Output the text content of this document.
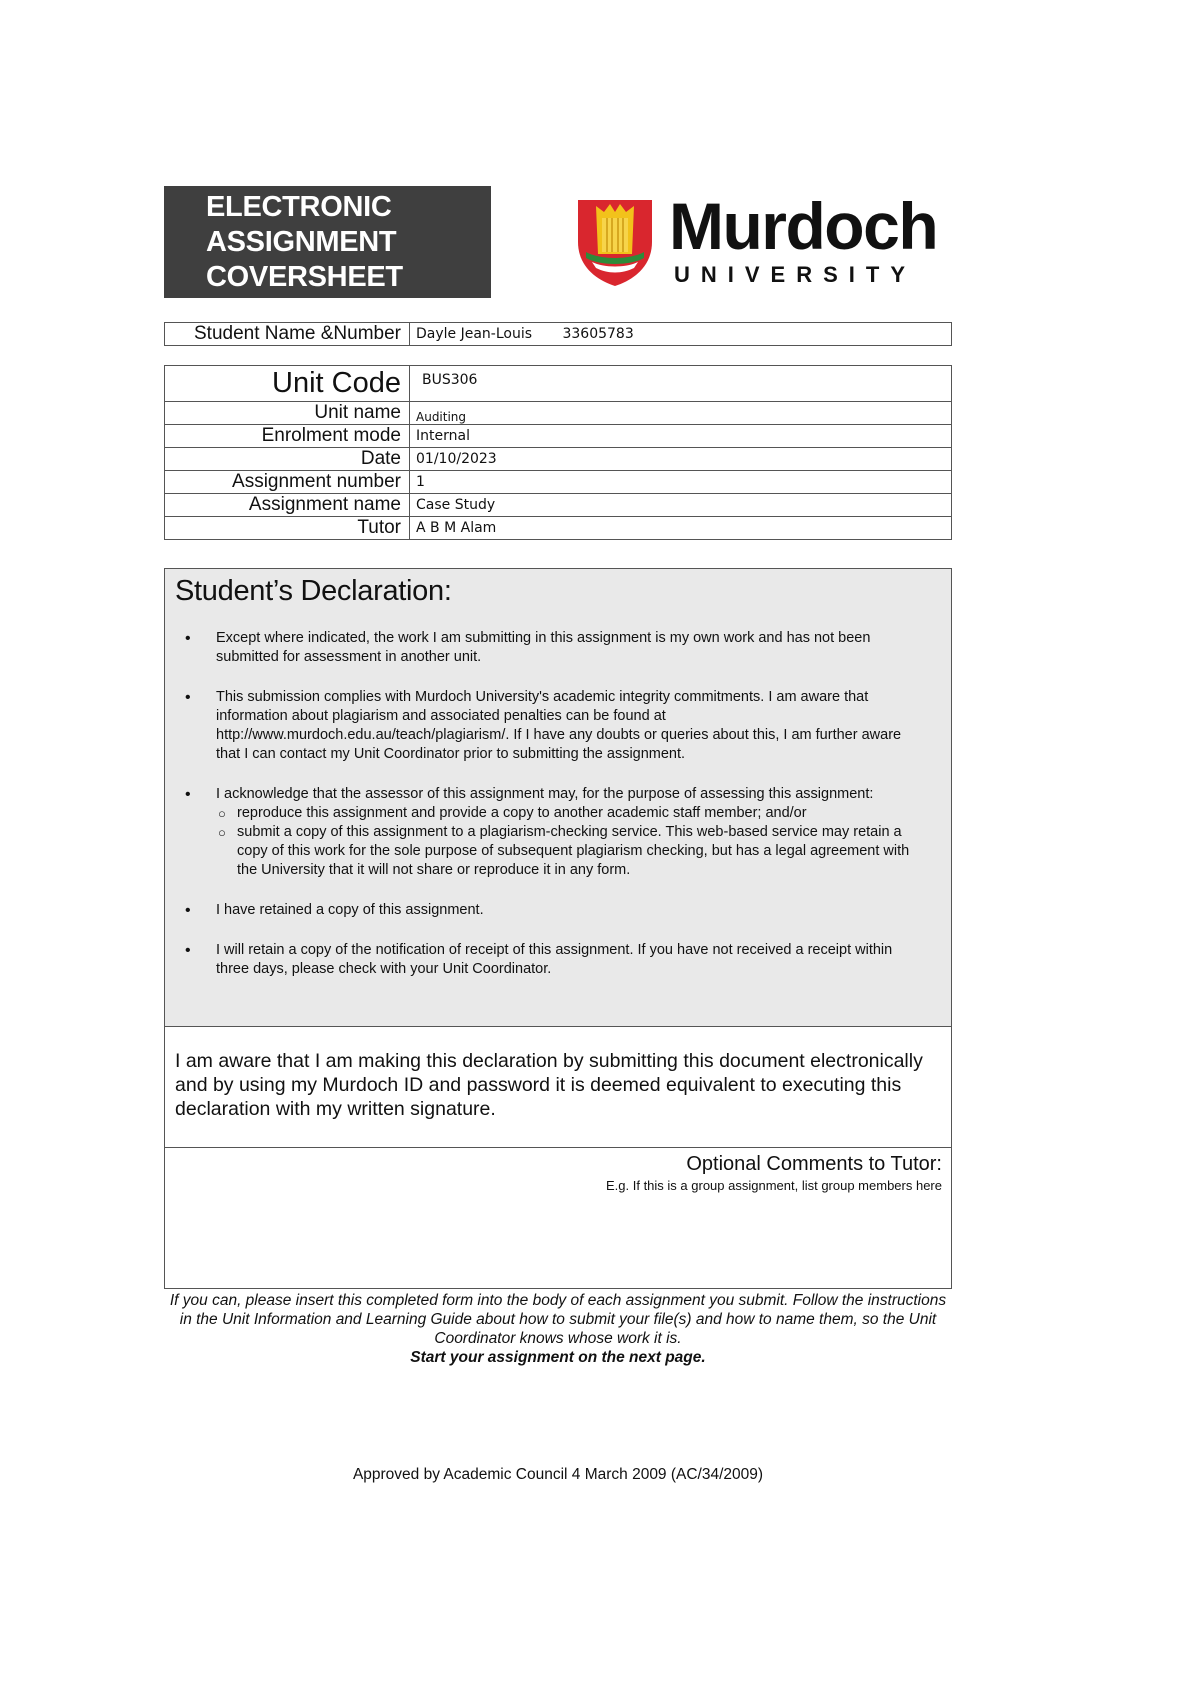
ELECTRONIC
ASSIGNMENT
COVERSHEET
Murdoch
UNIVERSITY
Student Name &Number	Dayle Jean-Louis 33605783
Unit Code	BUS306
Unit name	Auditing
Enrolment mode	Internal
Date	01/10/2023
Assignment number	1
Assignment name	Case Study
Tutor	A B M Alam
Student’s Declaration:
• Except where indicated, the work I am submitting in this assignment is my own work and has not been submitted for assessment in another unit.
• This submission complies with Murdoch University's academic integrity commitments. I am aware that information about plagiarism and associated penalties can be found at http://www.murdoch.edu.au/teach/plagiarism/. If I have any doubts or queries about this, I am further aware that I can contact my Unit Coordinator prior to submitting the assignment.
• I acknowledge that the assessor of this assignment may, for the purpose of assessing this assignment:
○ reproduce this assignment and provide a copy to another academic staff member; and/or
○ submit a copy of this assignment to a plagiarism-checking service. This web-based service may retain a copy of this work for the sole purpose of subsequent plagiarism checking, but has a legal agreement with the University that it will not share or reproduce it in any form.
• I have retained a copy of this assignment.
• I will retain a copy of the notification of receipt of this assignment. If you have not received a receipt within three days, please check with your Unit Coordinator.
I am aware that I am making this declaration by submitting this document electronically and by using my Murdoch ID and password it is deemed equivalent to executing this declaration with my written signature.
Optional Comments to Tutor:
E.g. If this is a group assignment, list group members here
If you can, please insert this completed form into the body of each assignment you submit. Follow the instructions in the Unit Information and Learning Guide about how to submit your file(s) and how to name them, so the Unit Coordinator knows whose work it is.
Start your assignment on the next page.
Approved by Academic Council 4 March 2009 (AC/34/2009)
